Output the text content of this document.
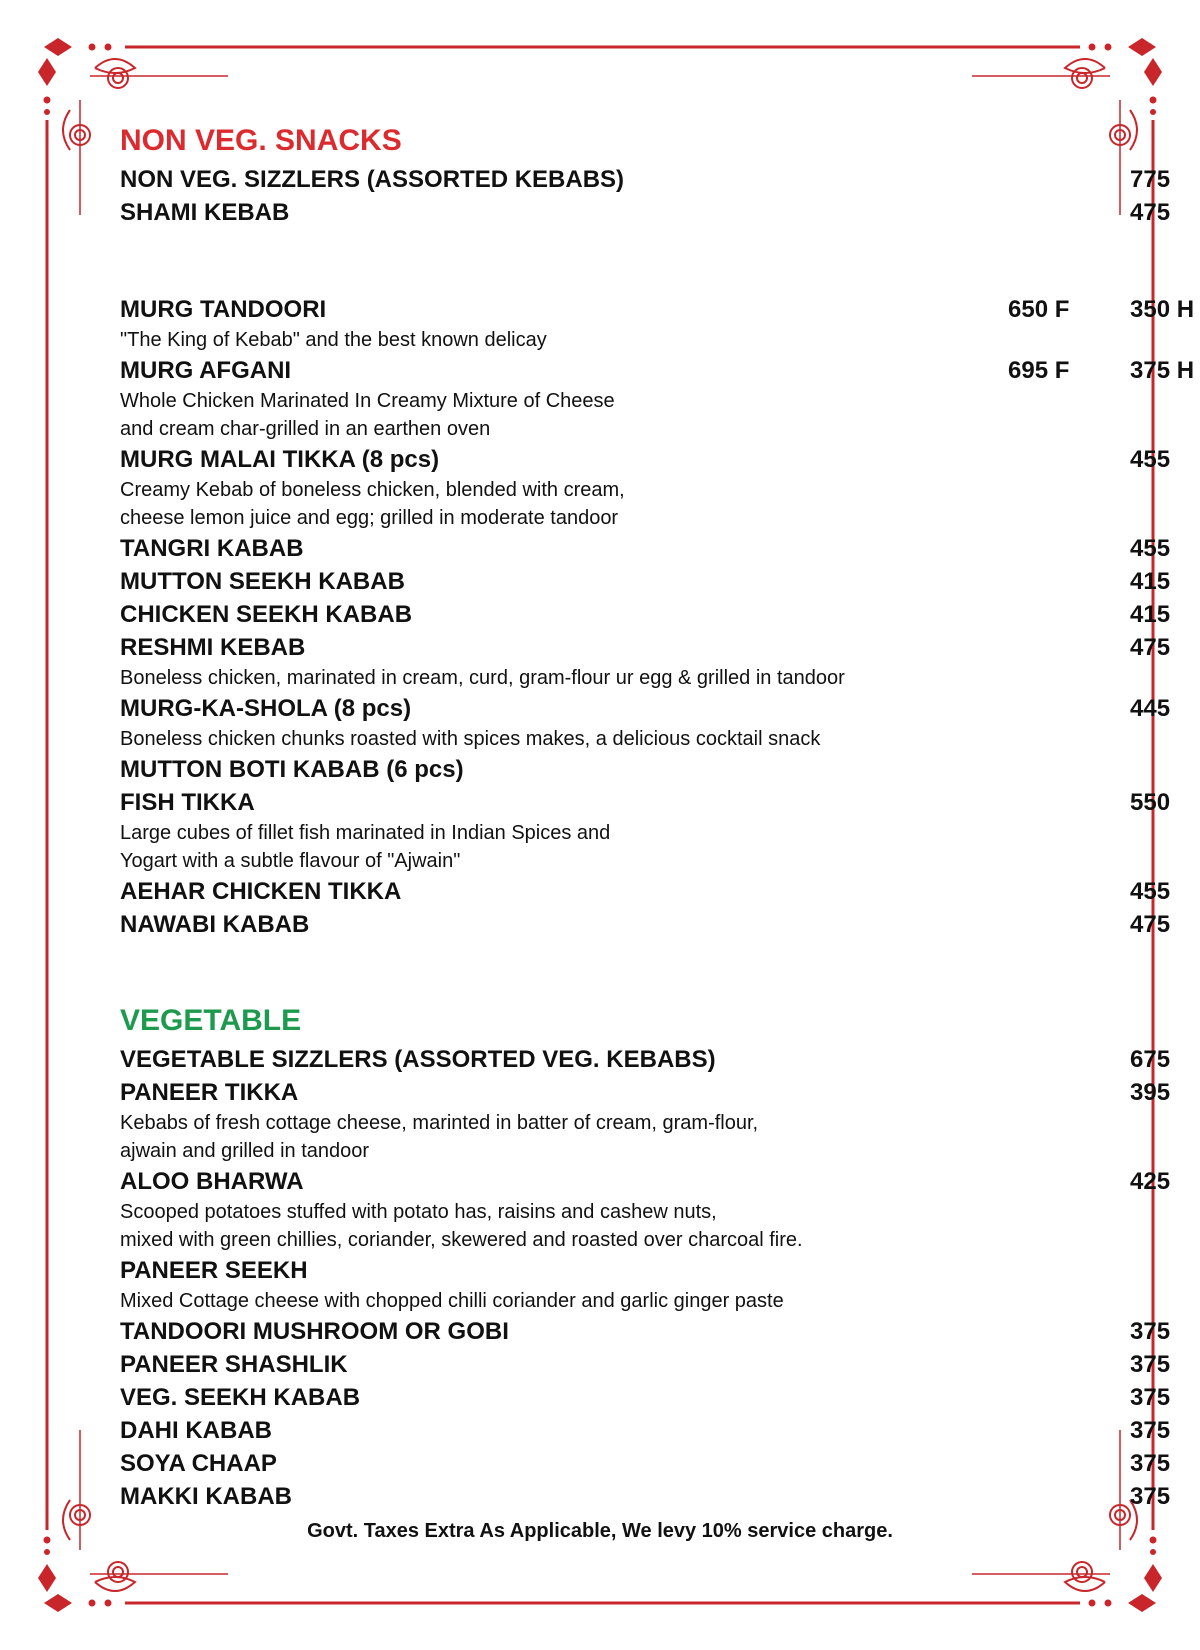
NON VEG. SNACKS
NON VEG. SIZZLERS (ASSORTED KEBABS)	775
SHAMI KEBAB	475
MURG TANDOORI	650 F	350 H
"The King of Kebab" and the best known delicay
MURG AFGANI	695 F	375 H
Whole Chicken Marinated In Creamy Mixture of Cheese
and cream char-grilled in an earthen oven
MURG MALAI TIKKA (8 pcs)	455
Creamy Kebab of boneless chicken, blended with cream,
cheese lemon juice and egg; grilled in moderate tandoor
TANGRI KABAB	455
MUTTON SEEKH KABAB	415
CHICKEN SEEKH KABAB	415
RESHMI KEBAB	475
Boneless chicken, marinated in cream, curd, gram-flour ur egg & grilled in tandoor
MURG-KA-SHOLA (8 pcs)	445
Boneless chicken chunks roasted with spices makes, a delicious cocktail snack
MUTTON BOTI KABAB (6 pcs)
FISH TIKKA	550
Large cubes of fillet fish marinated in Indian Spices and
Yogart with a subtle flavour of "Ajwain"
AEHAR CHICKEN TIKKA	455
NAWABI KABAB	475
VEGETABLE
VEGETABLE SIZZLERS (ASSORTED VEG. KEBABS)	675
PANEER TIKKA	395
Kebabs of fresh cottage cheese, marinted in batter of cream, gram-flour,
ajwain and grilled in tandoor
ALOO BHARWA	425
Scooped potatoes stuffed with potato has, raisins and cashew nuts,
mixed with green chillies, coriander, skewered and roasted over charcoal fire.
PANEER SEEKH
Mixed Cottage cheese with chopped chilli coriander and garlic ginger paste
TANDOORI MUSHROOM OR GOBI	375
PANEER SHASHLIK	375
VEG. SEEKH KABAB	375
DAHI KABAB	375
SOYA CHAAP	375
MAKKI KABAB	375
Govt. Taxes Extra As Applicable, We levy 10% service charge.
